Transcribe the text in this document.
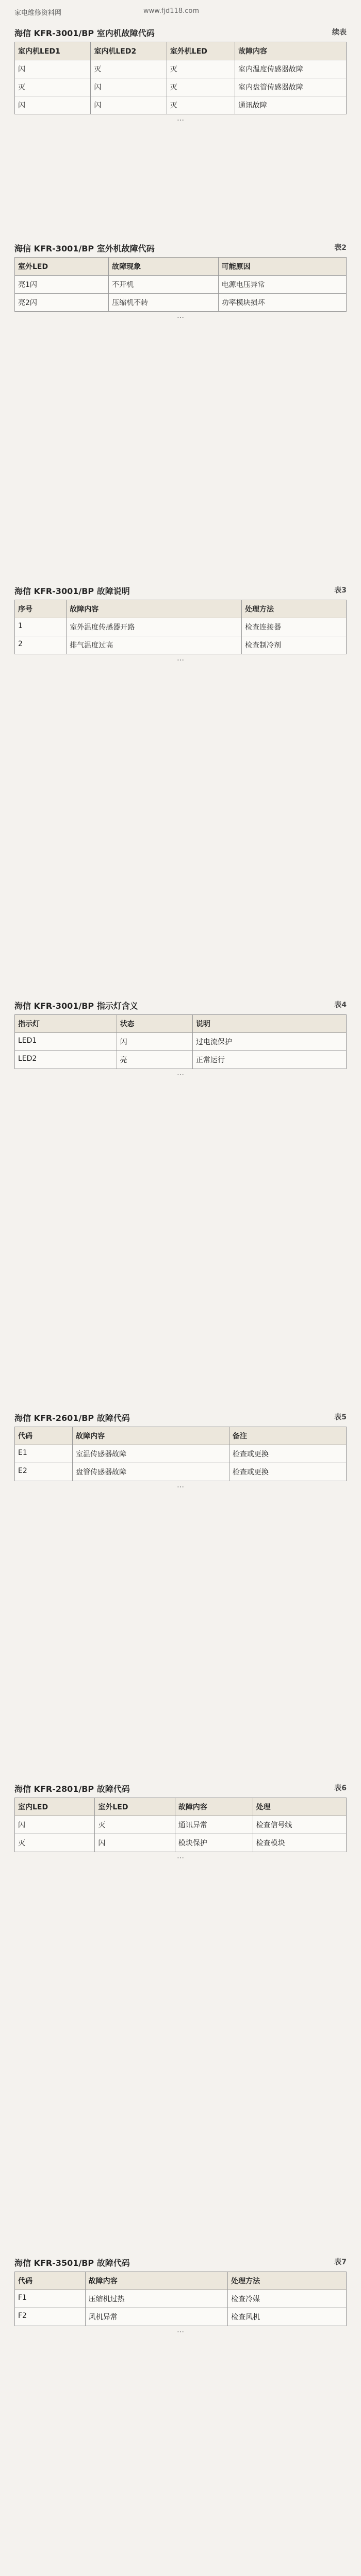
家电维修资料网	www.fjd118.com
海信 KFR-3001/BP 室内机故障代码	续表
室内机LED1	室内机LED2	室外机LED	故障内容
闪	灭	灭	室内温度传感器故障
灭	闪	灭	室内盘管传感器故障
闪	闪	灭	通讯故障
…
海信 KFR-3001/BP 室外机故障代码	表2
室外LED	故障现象	可能原因
亮1闪	不开机	电源电压异常
亮2闪	压缩机不转	功率模块损坏
…
海信 KFR-3001/BP 故障说明	表3
序号	故障内容	处理方法
1	室外温度传感器开路	检查连接器
2	排气温度过高	检查制冷剂
…
海信 KFR-3001/BP 指示灯含义	表4
指示灯	状态	说明
LED1	闪	过电流保护
LED2	亮	正常运行
…
海信 KFR-2601/BP 故障代码	表5
代码	故障内容	备注
E1	室温传感器故障	检查或更换
E2	盘管传感器故障	检查或更换
…
海信 KFR-2801/BP 故障代码	表6
室内LED	室外LED	故障内容	处理
闪	灭	通讯异常	检查信号线
灭	闪	模块保护	检查模块
…
海信 KFR-3501/BP 故障代码	表7
代码	故障内容	处理方法
F1	压缩机过热	检查冷媒
F2	风机异常	检查风机
…
